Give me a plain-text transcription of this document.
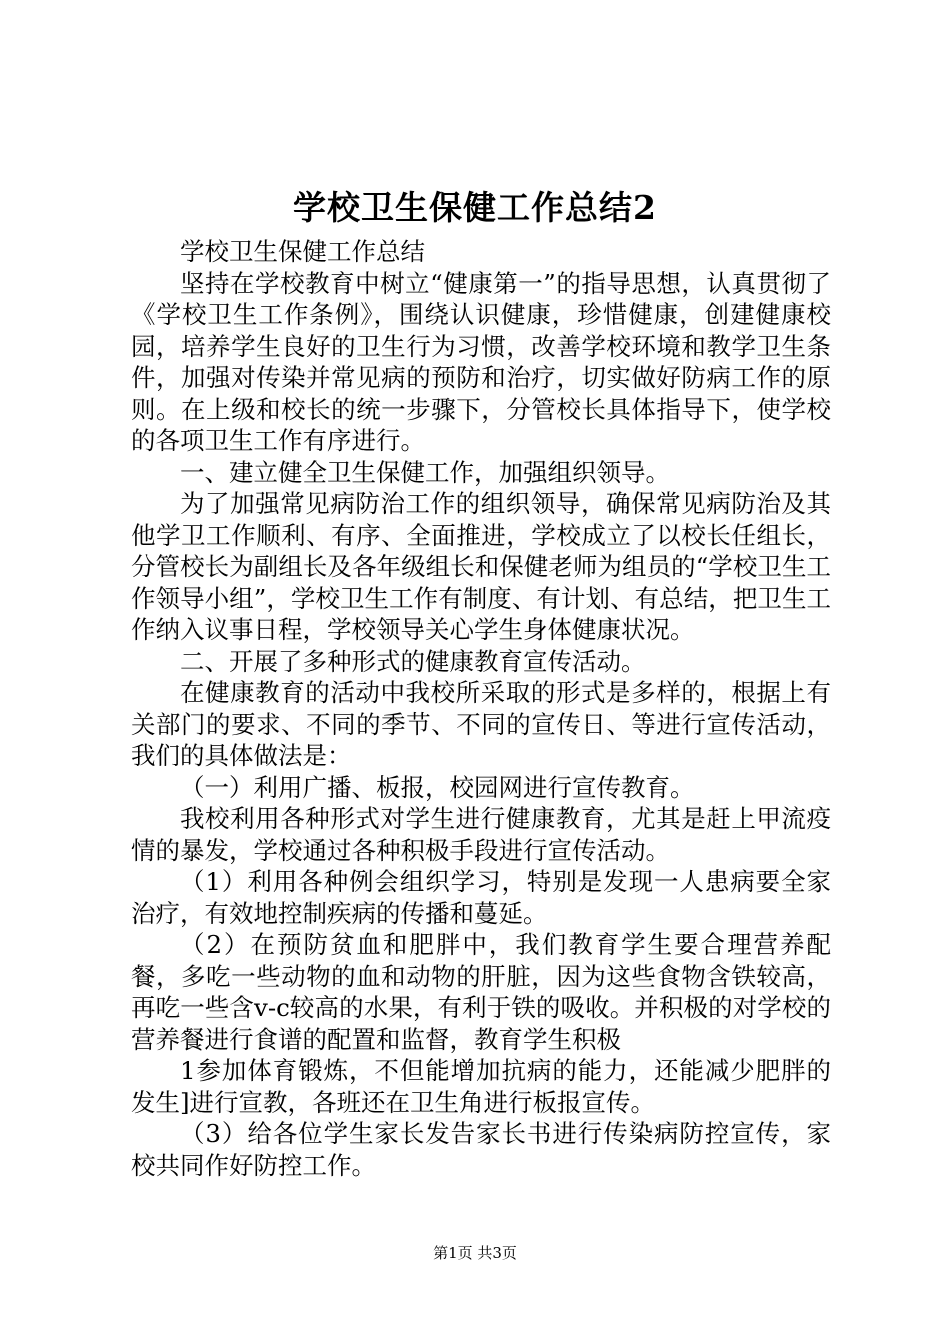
学校卫生保健工作总结2

学校卫生保健工作总结

坚持在学校教育中树立“健康第一”的指导思想，认真贯彻了《学校卫生工作条例》，围绕认识健康，珍惜健康，创建健康校园，培养学生良好的卫生行为习惯，改善学校环境和教学卫生条件，加强对传染并常见病的预防和治疗，切实做好防病工作的原则。在上级和校长的统一步骤下，分管校长具体指导下，使学校的各项卫生工作有序进行。

一、建立健全卫生保健工作，加强组织领导。

为了加强常见病防治工作的组织领导，确保常见病防治及其他学卫工作顺利、有序、全面推进，学校成立了以校长任组长，分管校长为副组长及各年级组长和保健老师为组员的“学校卫生工作领导小组”，学校卫生工作有制度、有计划、有总结，把卫生工作纳入议事日程，学校领导关心学生身体健康状况。

二、开展了多种形式的健康教育宣传活动。

在健康教育的活动中我校所采取的形式是多样的，根据上有关部门的要求、不同的季节、不同的宣传日、等进行宣传活动，我们的具体做法是：

（一）利用广播、板报，校园网进行宣传教育。

我校利用各种形式对学生进行健康教育，尤其是赶上甲流疫情的暴发，学校通过各种积极手段进行宣传活动。

（1）利用各种例会组织学习，特别是发现一人患病要全家治疗，有效地控制疾病的传播和蔓延。

（2）在预防贫血和肥胖中，我们教育学生要合理营养配餐，多吃一些动物的血和动物的肝脏，因为这些食物含铁较高，再吃一些含v-c较高的水果，有利于铁的吸收。并积极的对学校的营养餐进行食谱的配置和监督，教育学生积极

1参加体育锻炼，不但能增加抗病的能力，还能减少肥胖的发生]进行宣教，各班还在卫生角进行板报宣传。

（3）给各位学生家长发告家长书进行传染病防控宣传，家校共同作好防控工作。

第1页 共3页
